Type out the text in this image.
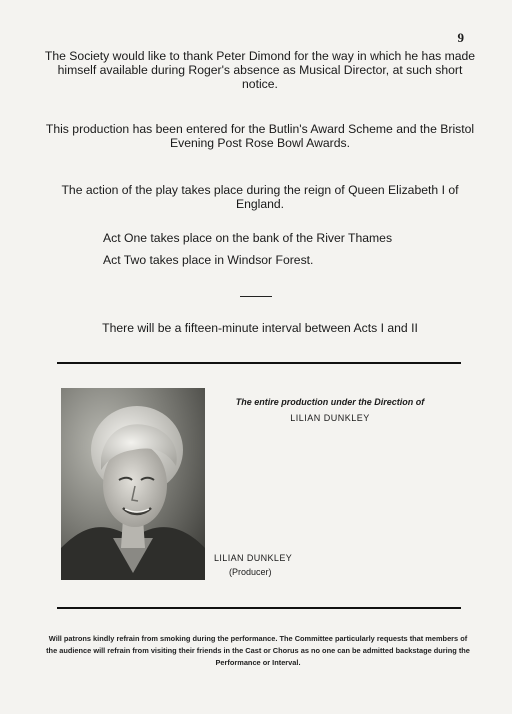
9
The Society would like to thank Peter Dimond for the way in which he has made himself available during Roger's absence as Musical Director, at such short notice.
This production has been entered for the Butlin's Award Scheme and the Bristol Evening Post Rose Bowl Awards.
The action of the play takes place during the reign of Queen Elizabeth I of England.
Act One takes place on the bank of the River Thames
Act Two takes place in Windsor Forest.
There will be a fifteen-minute interval between Acts I and II
The entire production under the Direction of
LILIAN DUNKLEY
LILIAN DUNKLEY
(Producer)
Will patrons kindly refrain from smoking during the performance. The Committee particularly requests that members of the audience will refrain from visiting their friends in the Cast or Chorus as no one can be admitted backstage during the Performance or Interval.
